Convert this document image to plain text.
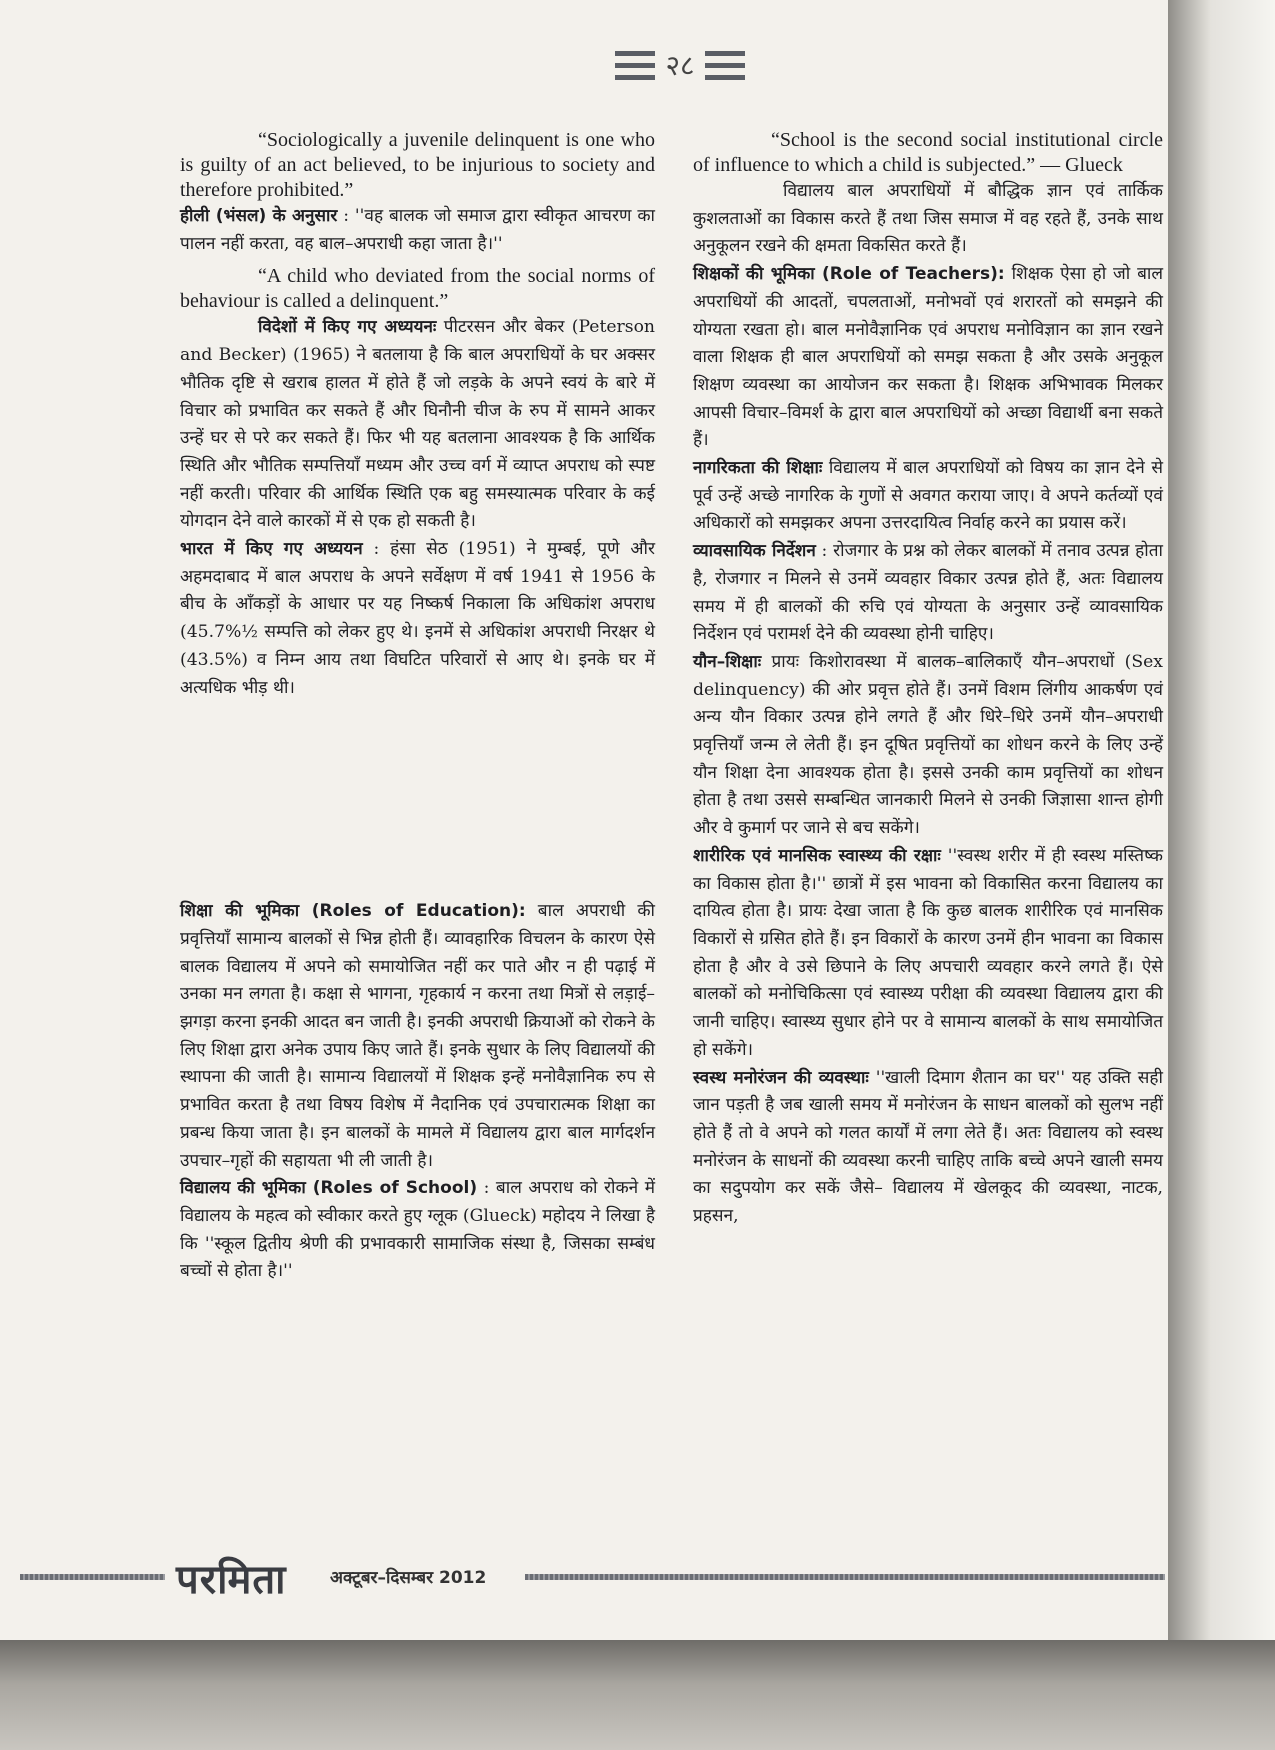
२८

“Sociologically a juvenile delinquent is one who is guilty of an act believed, to be injurious to society and therefore prohibited.”

हीली (भंसल) के अनुसार : ''वह बालक जो समाज द्वारा स्वीकृत आचरण का पालन नहीं करता, वह बाल–अपराधी कहा जाता है।''

“A child who deviated from the social norms of behaviour is called a delinquent.”

विदेशों में किए गए अध्ययनः पीटरसन और बेकर (Peterson and Becker) (1965) ने बतलाया है कि बाल अपराधियों के घर अक्सर भौतिक दृष्टि से खराब हालत में होते हैं जो लड़के के अपने स्वयं के बारे में विचार को प्रभावित कर सकते हैं और घिनौनी चीज के रुप में सामने आकर उन्हें घर से परे कर सकते हैं। फिर भी यह बतलाना आवश्यक है कि आर्थिक स्थिति और भौतिक सम्पत्तियाँ मध्यम और उच्च वर्ग में व्याप्त अपराध को स्पष्ट नहीं करती। परिवार की आर्थिक स्थिति एक बहु समस्यात्मक परिवार के कई योगदान देने वाले कारकों में से एक हो सकती है।

भारत में किए गए अध्ययन : हंसा सेठ (1951) ने मुम्बई, पूणे और अहमदाबाद में बाल अपराध के अपने सर्वेक्षण में वर्ष 1941 से 1956 के बीच के आँकड़ों के आधार पर यह निष्कर्ष निकाला कि अधिकांश अपराध (45.7%½ सम्पत्ति को लेकर हुए थे। इनमें से अधिकांश अपराधी निरक्षर थे (43.5%) व निम्न आय तथा विघटित परिवारों से आए थे। इनके घर में अत्यधिक भीड़ थी।

शिक्षा की भूमिका (Roles of Education): बाल अपराधी की प्रवृत्तियाँ सामान्य बालकों से भिन्न होती हैं। व्यावहारिक विचलन के कारण ऐसे बालक विद्यालय में अपने को समायोजित नहीं कर पाते और न ही पढ़ाई में उनका मन लगता है। कक्षा से भागना, गृहकार्य न करना तथा मित्रों से लड़ाई–झगड़ा करना इनकी आदत बन जाती है। इनकी अपराधी क्रियाओं को रोकने के लिए शिक्षा द्वारा अनेक उपाय किए जाते हैं। इनके सुधार के लिए विद्यालयों की स्थापना की जाती है। सामान्य विद्यालयों में शिक्षक इन्हें मनोवैज्ञानिक रुप से प्रभावित करता है तथा विषय विशेष में नैदानिक एवं उपचारात्मक शिक्षा का प्रबन्ध किया जाता है। इन बालकों के मामले में विद्यालय द्वारा बाल मार्गदर्शन उपचार–गृहों की सहायता भी ली जाती है।

विद्यालय की भूमिका (Roles of School) : बाल अपराध को रोकने में विद्यालय के महत्व को स्वीकार करते हुए ग्लूक (Glueck) महोदय ने लिखा है कि ''स्कूल द्वितीय श्रेणी की प्रभावकारी सामाजिक संस्था है, जिसका सम्बंध बच्चों से होता है।''

“School is the second social institutional circle of influence to which a child is subjected.” — Glueck

विद्यालय बाल अपराधियों में बौद्धिक ज्ञान एवं तार्किक कुशलताओं का विकास करते हैं तथा जिस समाज में वह रहते हैं, उनके साथ अनुकूलन रखने की क्षमता विकसित करते हैं।

शिक्षकों की भूमिका (Role of Teachers): शिक्षक ऐसा हो जो बाल अपराधियों की आदतों, चपलताओं, मनोभवों एवं शरारतों को समझने की योग्यता रखता हो। बाल मनोवैज्ञानिक एवं अपराध मनोविज्ञान का ज्ञान रखने वाला शिक्षक ही बाल अपराधियों को समझ सकता है और उसके अनुकूल शिक्षण व्यवस्था का आयोजन कर सकता है। शिक्षक अभिभावक मिलकर आपसी विचार–विमर्श के द्वारा बाल अपराधियों को अच्छा विद्यार्थी बना सकते हैं।

नागरिकता की शिक्षाः विद्यालय में बाल अपराधियों को विषय का ज्ञान देने से पूर्व उन्हें अच्छे नागरिक के गुणों से अवगत कराया जाए। वे अपने कर्तव्यों एवं अधिकारों को समझकर अपना उत्तरदायित्व निर्वाह करने का प्रयास करें।

व्यावसायिक निर्देशन : रोजगार के प्रश्न को लेकर बालकों में तनाव उत्पन्न होता है, रोजगार न मिलने से उनमें व्यवहार विकार उत्पन्न होते हैं, अतः विद्यालय समय में ही बालकों की रुचि एवं योग्यता के अनुसार उन्हें व्यावसायिक निर्देशन एवं परामर्श देने की व्यवस्था होनी चाहिए।

यौन–शिक्षाः प्रायः किशोरावस्था में बालक–बालिकाएँ यौन–अपराधों (Sex delinquency) की ओर प्रवृत्त होते हैं। उनमें विशम लिंगीय आकर्षण एवं अन्य यौन विकार उत्पन्न होने लगते हैं और धिरे–धिरे उनमें यौन–अपराधी प्रवृत्तियाँ जन्म ले लेती हैं। इन दूषित प्रवृत्तियों का शोधन करने के लिए उन्हें यौन शिक्षा देना आवश्यक होता है। इससे उनकी काम प्रवृत्तियों का शोधन होता है तथा उससे सम्बन्धित जानकारी मिलने से उनकी जिज्ञासा शान्त होगी और वे कुमार्ग पर जाने से बच सकेंगे।

शारीरिक एवं मानसिक स्वास्थ्य की रक्षाः ''स्वस्थ शरीर में ही स्वस्थ मस्तिष्क का विकास होता है।'' छात्रों में इस भावना को विकासित करना विद्यालय का दायित्व होता है। प्रायः देखा जाता है कि कुछ बालक शारीरिक एवं मानसिक विकारों से ग्रसित होते हैं। इन विकारों के कारण उनमें हीन भावना का विकास होता है और वे उसे छिपाने के लिए अपचारी व्यवहार करने लगते हैं। ऐसे बालकों को मनोचिकित्सा एवं स्वास्थ्य परीक्षा की व्यवस्था विद्यालय द्वारा की जानी चाहिए। स्वास्थ्य सुधार होने पर वे सामान्य बालकों के साथ समायोजित हो सकेंगे।

स्वस्थ मनोरंजन की व्यवस्थाः ''खाली दिमाग शैतान का घर'' यह उक्ति सही जान पड़ती है जब खाली समय में मनोरंजन के साधन बालकों को सुलभ नहीं होते हैं तो वे अपने को गलत कार्यों में लगा लेते हैं। अतः विद्यालय को स्वस्थ मनोरंजन के साधनों की व्यवस्था करनी चाहिए ताकि बच्चे अपने खाली समय का सदुपयोग कर सकें जैसे– विद्यालय में खेलकूद की व्यवस्था, नाटक, प्रहसन,

परमिता	अक्टूबर–दिसम्बर 2012
